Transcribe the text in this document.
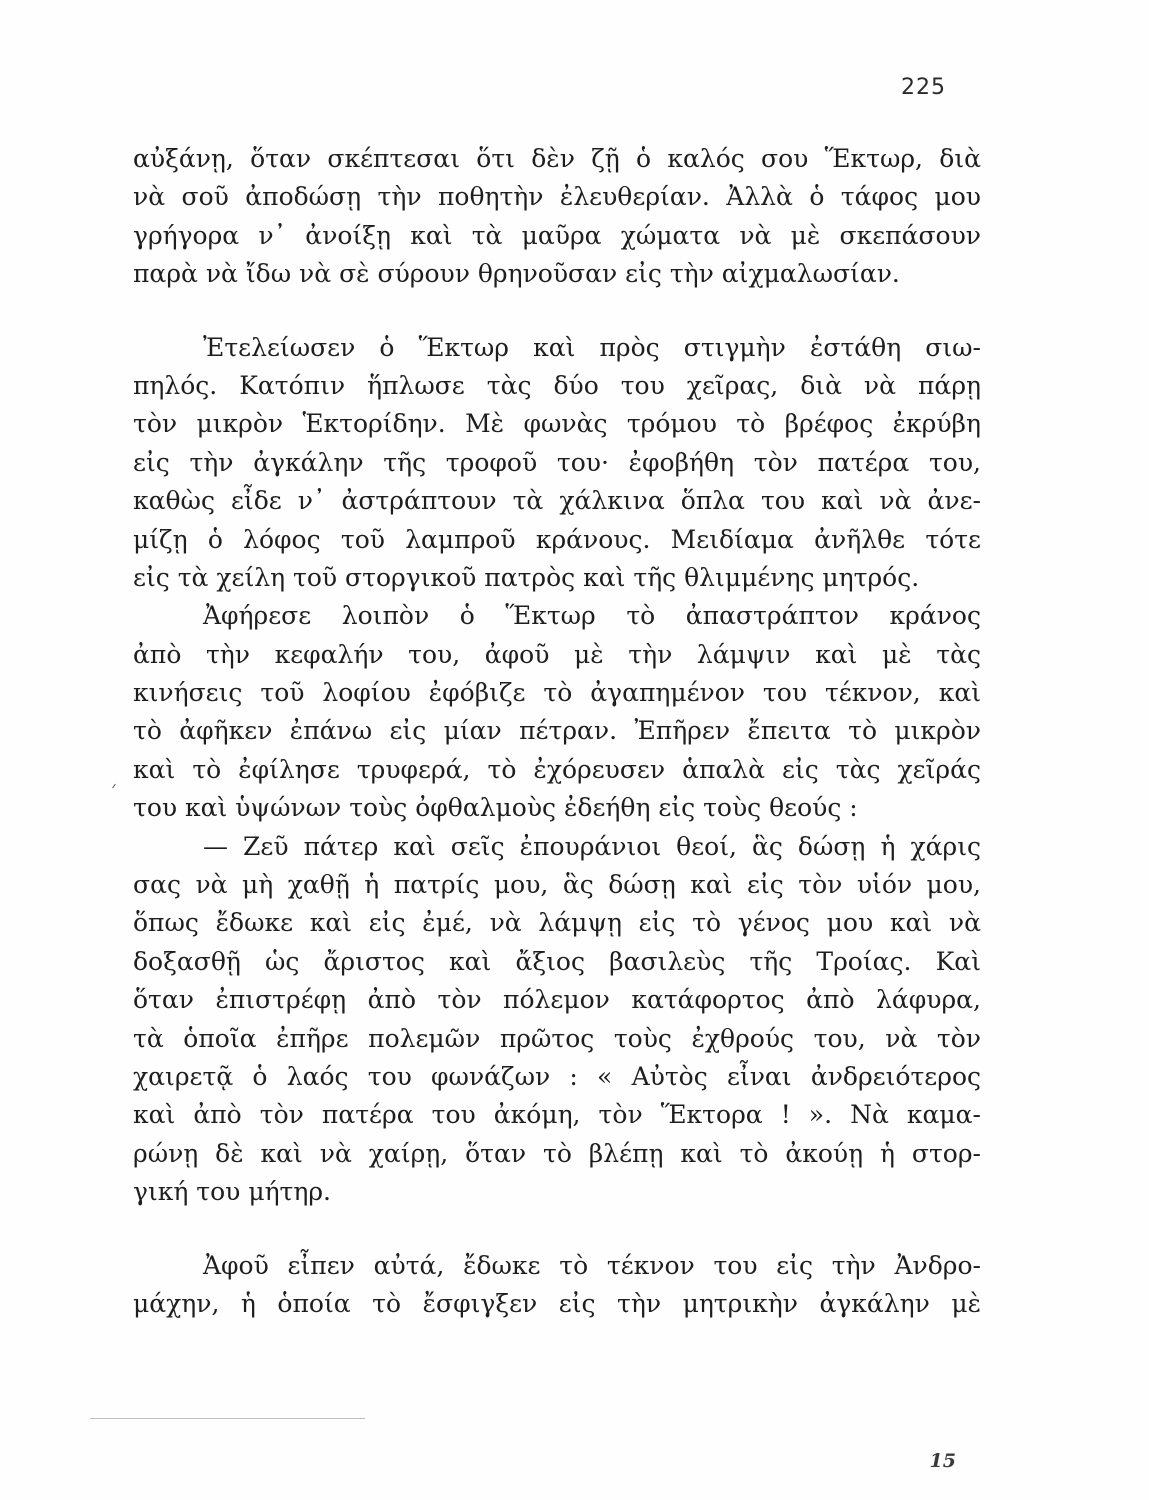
225
αὐξάνῃ, ὅταν σκέπτεσαι ὅτι δὲν ζῇ ὁ καλός σου Ἕκτωρ, διὰ
νὰ σοῦ ἀποδώσῃ τὴν ποθητὴν ἐλευθερίαν. Ἀλλὰ ὁ τάφος μου
γρήγορα ν᾽ ἀνοίξῃ καὶ τὰ μαῦρα χώματα νὰ μὲ σκεπάσουν
παρὰ νὰ ἴδω νὰ σὲ σύρουν θρηνοῦσαν εἰς τὴν αἰχμαλωσίαν.
Ἐτελείωσεν ὁ Ἕκτωρ καὶ πρὸς στιγμὴν ἐστάθη σιω-
πηλός. Κατόπιν ἥπλωσε τὰς δύο του χεῖρας, διὰ νὰ πάρῃ
τὸν μικρὸν Ἑκτορίδην. Μὲ φωνὰς τρόμου τὸ βρέφος ἐκρύβη
εἰς τὴν ἀγκάλην τῆς τροφοῦ του· ἐφοβήθη τὸν πατέρα του,
καθὼς εἶδε ν᾽ ἀστράπτουν τὰ χάλκινα ὅπλα του καὶ νὰ ἀνε-
μίζῃ ὁ λόφος τοῦ λαμπροῦ κράνους. Μειδίαμα ἀνῆλθε τότε
εἰς τὰ χείλη τοῦ στοργικοῦ πατρὸς καὶ τῆς θλιμμένης μητρός.
Ἀφήρεσε λοιπὸν ὁ Ἕκτωρ τὸ ἀπαστράπτον κράνος
ἀπὸ τὴν κεφαλήν του, ἀφοῦ μὲ τὴν λάμψιν καὶ μὲ τὰς
κινήσεις τοῦ λοφίου ἐφόβιζε τὸ ἀγαπημένον του τέκνον, καὶ
τὸ ἀφῆκεν ἐπάνω εἰς μίαν πέτραν. Ἐπῆρεν ἔπειτα τὸ μικρὸν
καὶ τὸ ἐφίλησε τρυφερά, τὸ ἐχόρευσεν ἁπαλὰ εἰς τὰς χεῖράς
του καὶ ὑψώνων τοὺς ὀφθαλμοὺς ἐδεήθη εἰς τοὺς θεούς :
— Ζεῦ πάτερ καὶ σεῖς ἐπουράνιοι θεοί, ἃς δώσῃ ἡ χάρις
σας νὰ μὴ χαθῇ ἡ πατρίς μου, ἃς δώσῃ καὶ εἰς τὸν υἱόν μου,
ὅπως ἔδωκε καὶ εἰς ἐμέ, νὰ λάμψῃ εἰς τὸ γένος μου καὶ νὰ
δοξασθῇ ὡς ἄριστος καὶ ἄξιος βασιλεὺς τῆς Τροίας. Καὶ
ὅταν ἐπιστρέφῃ ἀπὸ τὸν πόλεμον κατάφορτος ἀπὸ λάφυρα,
τὰ ὁποῖα ἐπῆρε πολεμῶν πρῶτος τοὺς ἐχθρούς του, νὰ τὸν
χαιρετᾷ ὁ λαός του φωνάζων : « Αὐτὸς εἶναι ἀνδρειότερος
καὶ ἀπὸ τὸν πατέρα του ἀκόμη, τὸν Ἕκτορα ! ». Νὰ καμα-
ρώνῃ δὲ καὶ νὰ χαίρῃ, ὅταν τὸ βλέπῃ καὶ τὸ ἀκούῃ ἡ στορ-
γική του μήτηρ.
Ἀφοῦ εἶπεν αὐτά, ἔδωκε τὸ τέκνον του εἰς τὴν Ἀνδρο-
μάχην, ἡ ὁποία τὸ ἔσφιγξεν εἰς τὴν μητρικὴν ἀγκάλην μὲ
15
